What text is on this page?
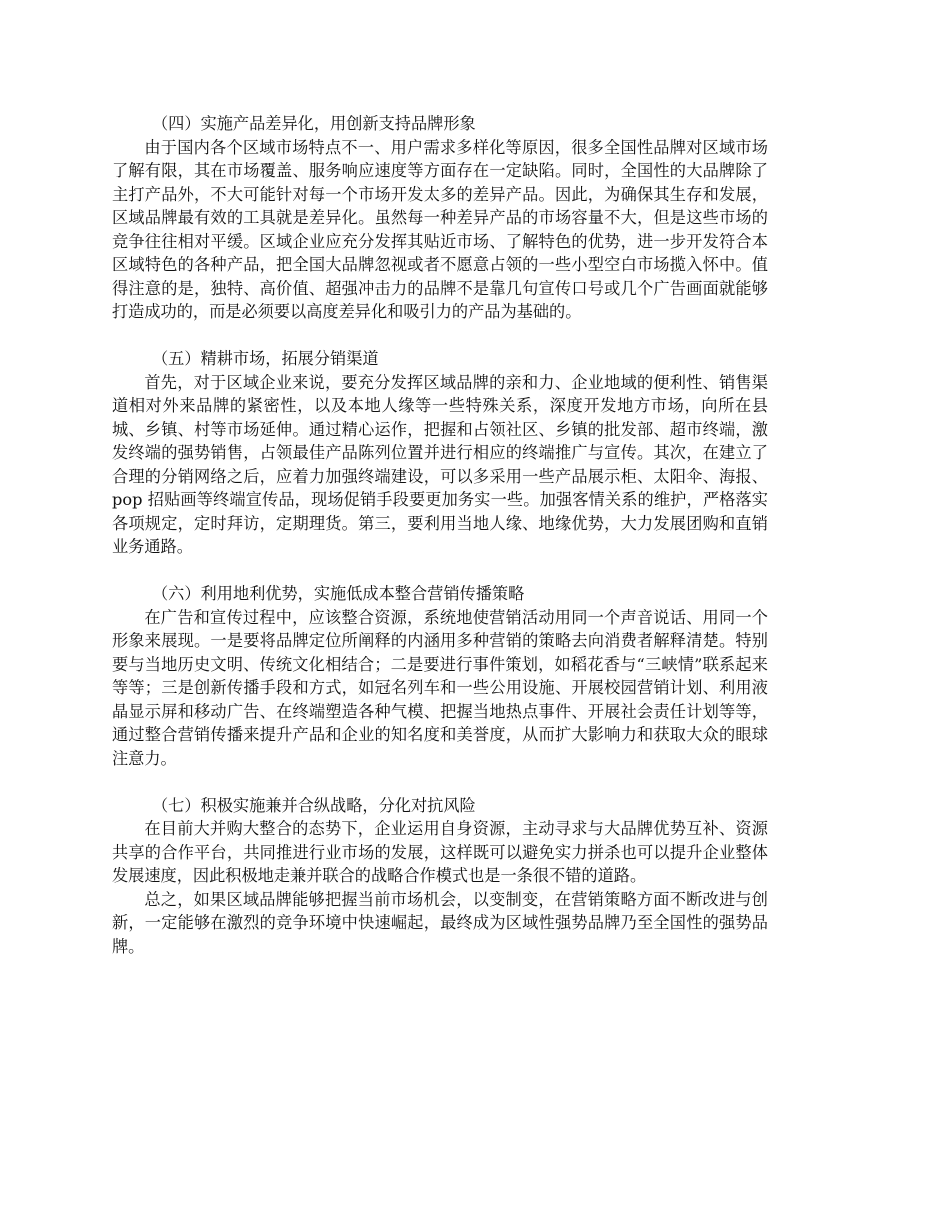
（四）实施产品差异化，用创新支持品牌形象

由于国内各个区域市场特点不一、用户需求多样化等原因，很多全国性品牌对区域市场了解有限，其在市场覆盖、服务响应速度等方面存在一定缺陷。同时，全国性的大品牌除了主打产品外，不大可能针对每一个市场开发太多的差异产品。因此，为确保其生存和发展，区域品牌最有效的工具就是差异化。虽然每一种差异产品的市场容量不大，但是这些市场的竞争往往相对平缓。区域企业应充分发挥其贴近市场、了解特色的优势，进一步开发符合本区域特色的各种产品，把全国大品牌忽视或者不愿意占领的一些小型空白市场揽入怀中。值得注意的是，独特、高价值、超强冲击力的品牌不是靠几句宣传口号或几个广告画面就能够打造成功的，而是必须要以高度差异化和吸引力的产品为基础的。

（五）精耕市场，拓展分销渠道

首先，对于区域企业来说，要充分发挥区域品牌的亲和力、企业地域的便利性、销售渠道相对外来品牌的紧密性，以及本地人缘等一些特殊关系，深度开发地方市场，向所在县城、乡镇、村等市场延伸。通过精心运作，把握和占领社区、乡镇的批发部、超市终端，激发终端的强势销售，占领最佳产品陈列位置并进行相应的终端推广与宣传。其次，在建立了合理的分销网络之后，应着力加强终端建设，可以多采用一些产品展示柜、太阳伞、海报、pop 招贴画等终端宣传品，现场促销手段要更加务实一些。加强客情关系的维护，严格落实各项规定，定时拜访，定期理货。第三，要利用当地人缘、地缘优势，大力发展团购和直销业务通路。

（六）利用地利优势，实施低成本整合营销传播策略

在广告和宣传过程中，应该整合资源，系统地使营销活动用同一个声音说话、用同一个形象来展现。一是要将品牌定位所阐释的内涵用多种营销的策略去向消费者解释清楚。特别要与当地历史文明、传统文化相结合；二是要进行事件策划，如稻花香与“三峡情”联系起来等等；三是创新传播手段和方式，如冠名列车和一些公用设施、开展校园营销计划、利用液晶显示屏和移动广告、在终端塑造各种气模、把握当地热点事件、开展社会责任计划等等，通过整合营销传播来提升产品和企业的知名度和美誉度，从而扩大影响力和获取大众的眼球注意力。

（七）积极实施兼并合纵战略，分化对抗风险

在目前大并购大整合的态势下，企业运用自身资源，主动寻求与大品牌优势互补、资源共享的合作平台，共同推进行业市场的发展，这样既可以避免实力拼杀也可以提升企业整体发展速度，因此积极地走兼并联合的战略合作模式也是一条很不错的道路。

总之，如果区域品牌能够把握当前市场机会，以变制变，在营销策略方面不断改进与创新，一定能够在激烈的竞争环境中快速崛起，最终成为区域性强势品牌乃至全国性的强势品牌。
